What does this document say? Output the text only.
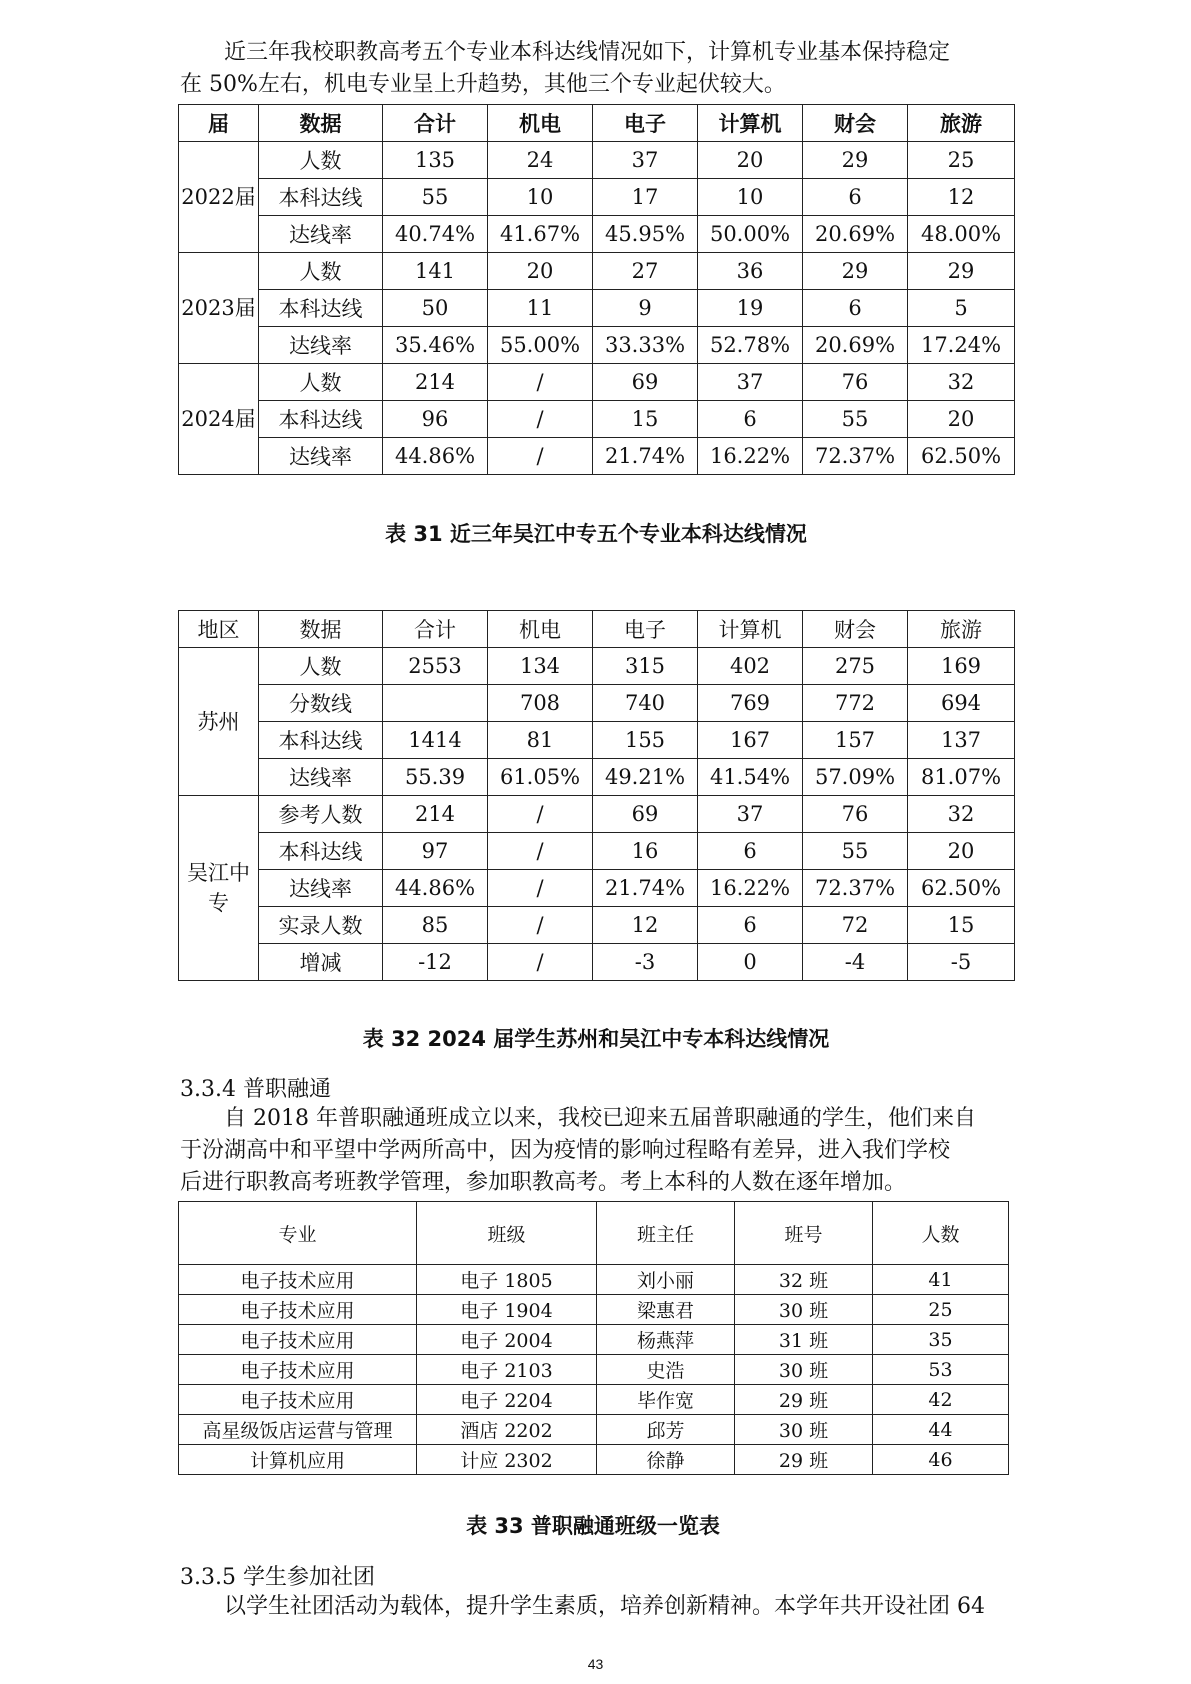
近三年我校职教高考五个专业本科达线情况如下，计算机专业基本保持稳定

在 50%左右，机电专业呈上升趋势，其他三个专业起伏较大。

届	数据	合计	机电	电子	计算机	财会	旅游
2022届	人数	135	24	37	20	29	25
	本科达线	55	10	17	10	6	12
	达线率	40.74%	41.67%	45.95%	50.00%	20.69%	48.00%
2023届	人数	141	20	27	36	29	29
	本科达线	50	11	9	19	6	5
	达线率	35.46%	55.00%	33.33%	52.78%	20.69%	17.24%
2024届	人数	214	/	69	37	76	32
	本科达线	96	/	15	6	55	20
	达线率	44.86%	/	21.74%	16.22%	72.37%	62.50%
表 31 近三年吴江中专五个专业本科达线情况
地区	数据	合计	机电	电子	计算机	财会	旅游
苏州	人数	2553	134	315	402	275	169
	分数线		708	740	769	772	694
	本科达线	1414	81	155	167	157	137
	达线率	55.39	61.05%	49.21%	41.54%	57.09%	81.07%
吴江中专	参考人数	214	/	69	37	76	32
	本科达线	97	/	16	6	55	20
	达线率	44.86%	/	21.74%	16.22%	72.37%	62.50%
	实录人数	85	/	12	6	72	15
	增减	-12	/	-3	0	-4	-5
表 32 2024 届学生苏州和吴江中专本科达线情况
3.3.4 普职融通

自 2018 年普职融通班成立以来，我校已迎来五届普职融通的学生，他们来自

于汾湖高中和平望中学两所高中，因为疫情的影响过程略有差异，进入我们学校

后进行职教高考班教学管理，参加职教高考。考上本科的人数在逐年增加。

专业	班级	班主任	班号	人数
电子技术应用	电子 1805	刘小丽	32 班	41
电子技术应用	电子 1904	梁惠君	30 班	25
电子技术应用	电子 2004	杨燕萍	31 班	35
电子技术应用	电子 2103	史浩	30 班	53
电子技术应用	电子 2204	毕作宽	29 班	42
高星级饭店运营与管理	酒店 2202	邱芳	30 班	44
计算机应用	计应 2302	徐静	29 班	46
表 33 普职融通班级一览表
3.3.5 学生参加社团

以学生社团活动为载体，提升学生素质，培养创新精神。本学年共开设社团 64

43
